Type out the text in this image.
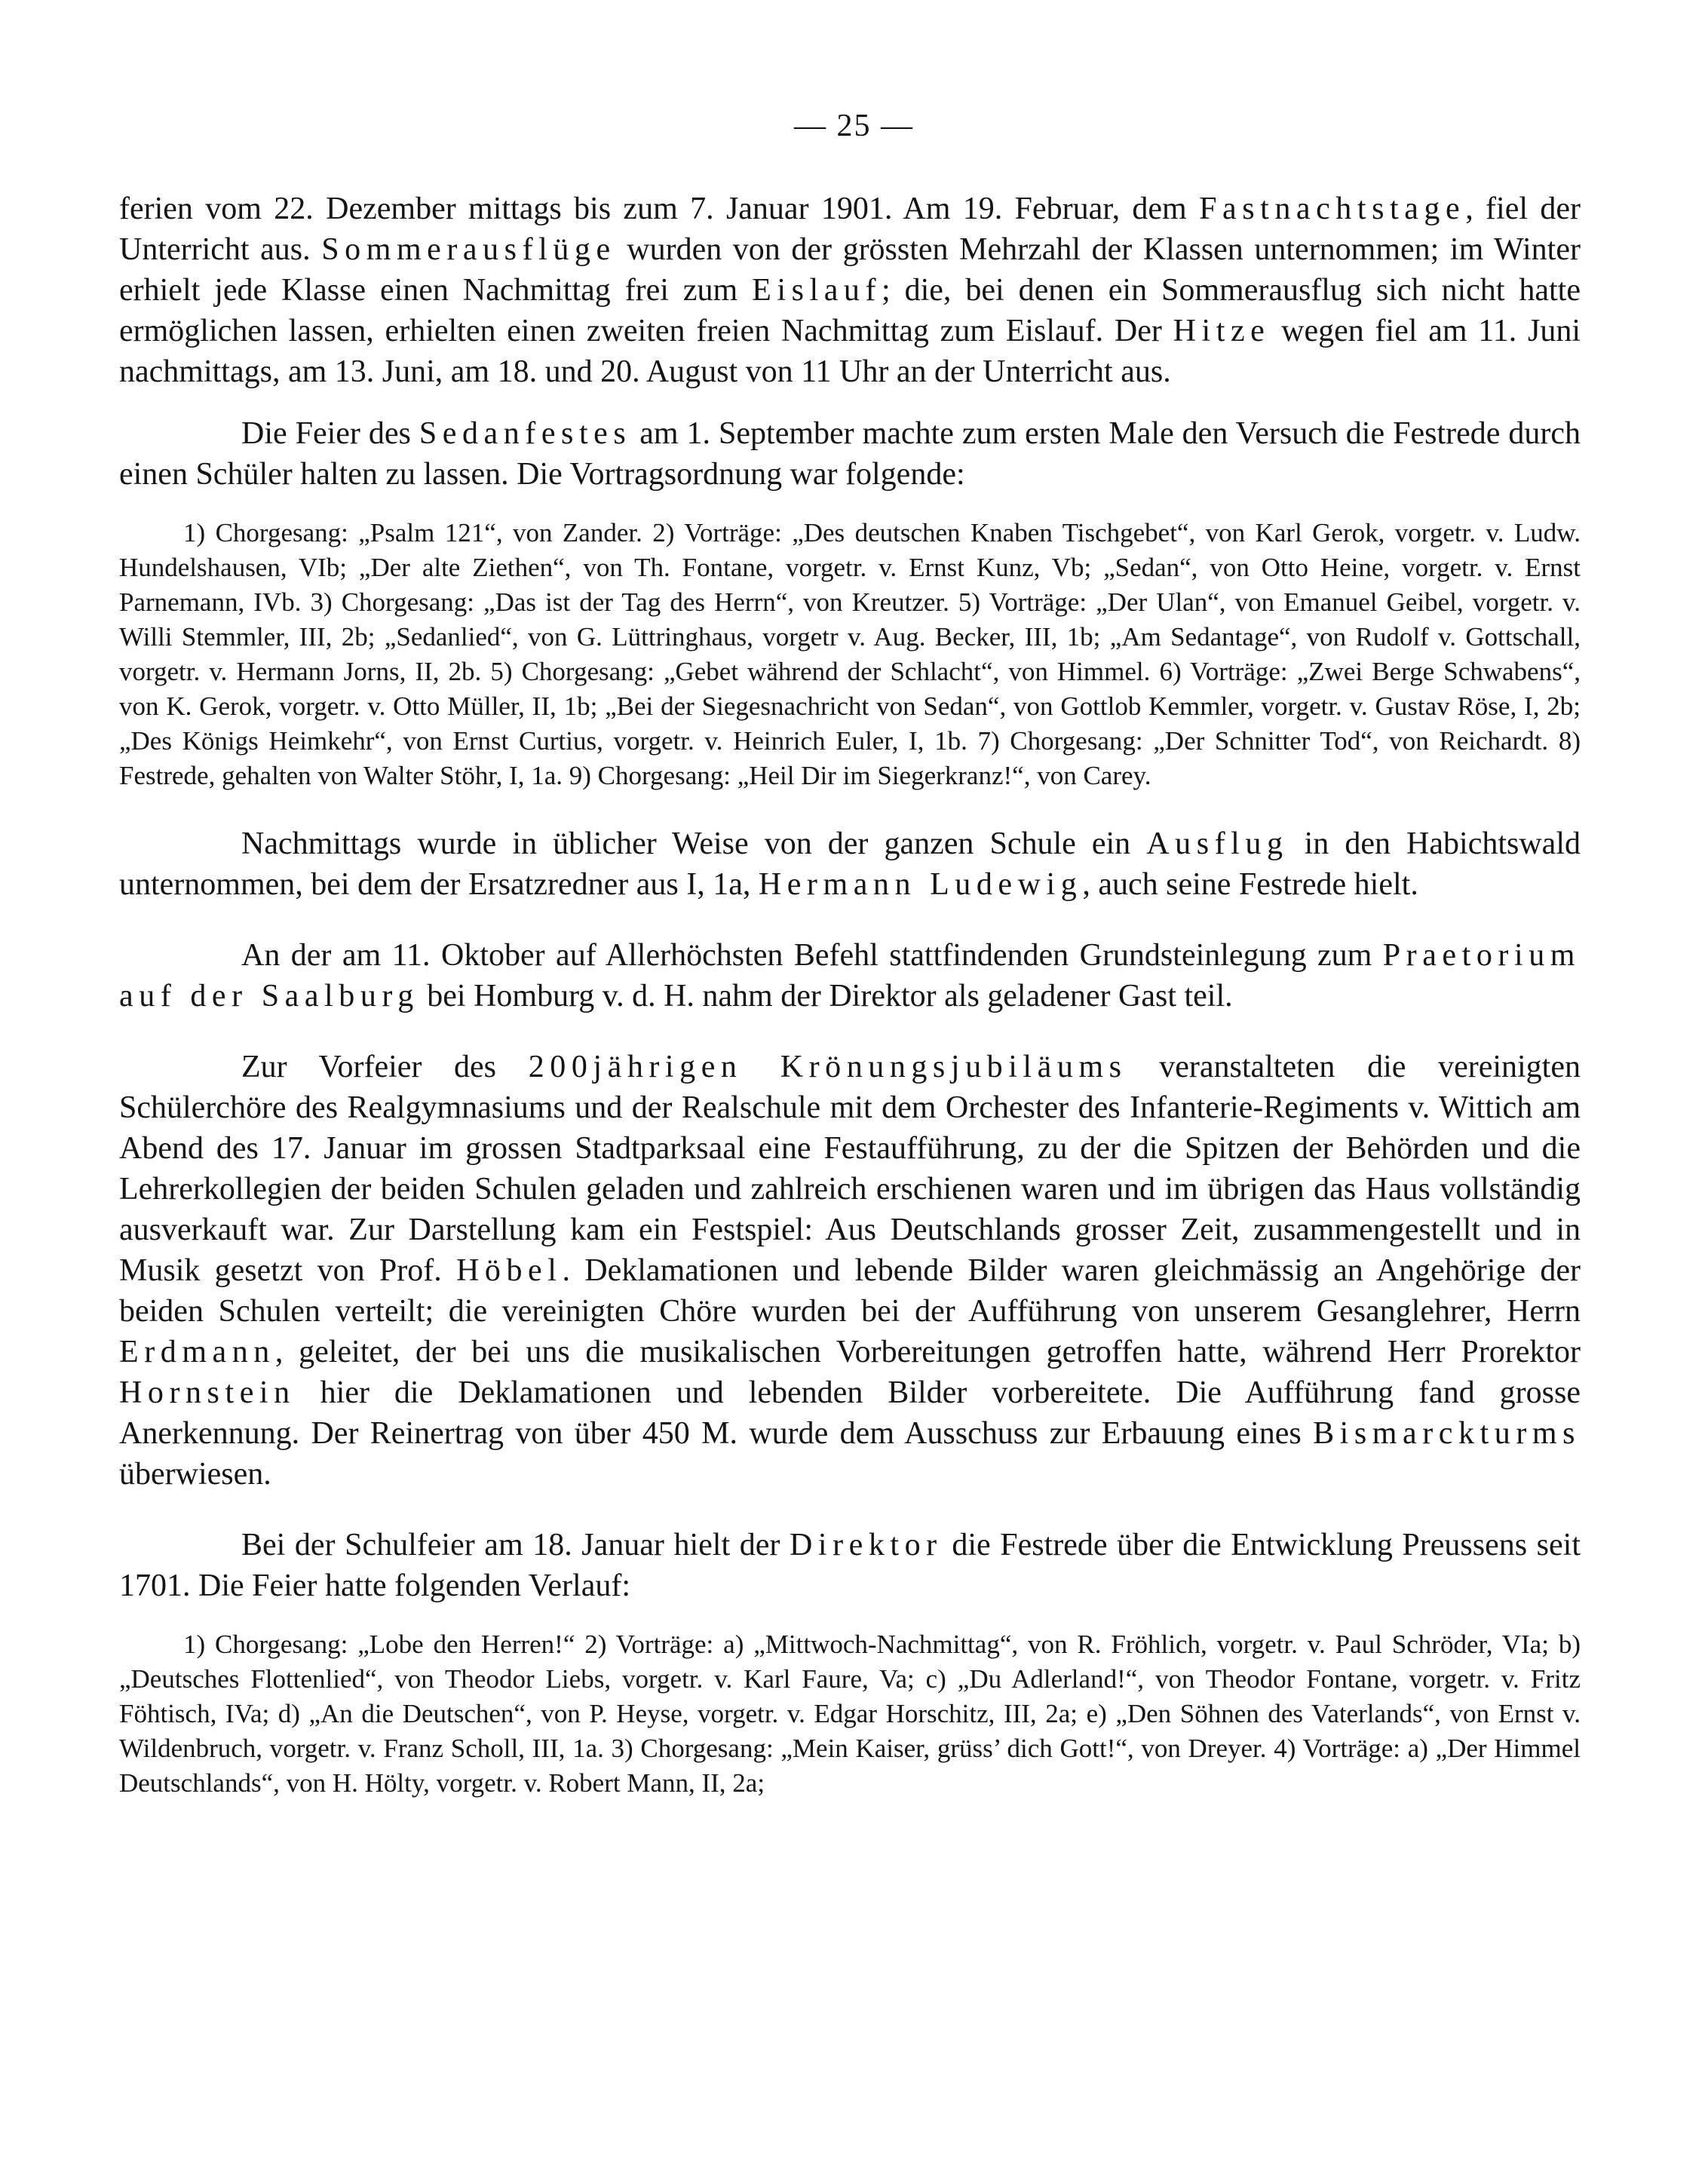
— 25 —

ferien vom 22. Dezember mittags bis zum 7. Januar 1901. Am 19. Februar, dem Fastnachtstage, fiel der Unterricht aus. Sommerausflüge wurden von der grössten Mehrzahl der Klassen unternommen; im Winter erhielt jede Klasse einen Nachmittag frei zum Eislauf; die, bei denen ein Sommerausflug sich nicht hatte ermöglichen lassen, erhielten einen zweiten freien Nachmittag zum Eislauf. Der Hitze wegen fiel am 11. Juni nachmittags, am 13. Juni, am 18. und 20. August von 11 Uhr an der Unterricht aus.

Die Feier des Sedanfestes am 1. September machte zum ersten Male den Versuch die Festrede durch einen Schüler halten zu lassen. Die Vortragsordnung war folgende:

1) Chorgesang: „Psalm 121“, von Zander. 2) Vorträge: „Des deutschen Knaben Tischgebet“, von Karl Gerok, vorgetr. v. Ludw. Hundelshausen, VIb; „Der alte Ziethen“, von Th. Fontane, vorgetr. v. Ernst Kunz, Vb; „Sedan“, von Otto Heine, vorgetr. v. Ernst Parnemann, IVb. 3) Chorgesang: „Das ist der Tag des Herrn“, von Kreutzer. 5) Vorträge: „Der Ulan“, von Emanuel Geibel, vorgetr. v. Willi Stemmler, III, 2b; „Sedanlied“, von G. Lüttringhaus, vorgetr v. Aug. Becker, III, 1b; „Am Sedantage“, von Rudolf v. Gottschall, vorgetr. v. Hermann Jorns, II, 2b. 5) Chorgesang: „Gebet während der Schlacht“, von Himmel. 6) Vorträge: „Zwei Berge Schwabens“, von K. Gerok, vorgetr. v. Otto Müller, II, 1b; „Bei der Siegesnachricht von Sedan“, von Gottlob Kemmler, vorgetr. v. Gustav Röse, I, 2b; „Des Königs Heimkehr“, von Ernst Curtius, vorgetr. v. Heinrich Euler, I, 1b. 7) Chorgesang: „Der Schnitter Tod“, von Reichardt. 8) Festrede, gehalten von Walter Stöhr, I, 1a. 9) Chorgesang: „Heil Dir im Siegerkranz!“, von Carey.

Nachmittags wurde in üblicher Weise von der ganzen Schule ein Ausflug in den Habichtswald unternommen, bei dem der Ersatzredner aus I, 1a, Hermann Ludewig, auch seine Festrede hielt.

An der am 11. Oktober auf Allerhöchsten Befehl stattfindenden Grundsteinlegung zum Praetorium auf der Saalburg bei Homburg v. d. H. nahm der Direktor als geladener Gast teil.

Zur Vorfeier des 200jährigen Krönungsjubiläums veranstalteten die vereinigten Schülerchöre des Realgymnasiums und der Realschule mit dem Orchester des Infanterie-Regiments v. Wittich am Abend des 17. Januar im grossen Stadtparksaal eine Festaufführung, zu der die Spitzen der Behörden und die Lehrerkollegien der beiden Schulen geladen und zahlreich erschienen waren und im übrigen das Haus vollständig ausverkauft war. Zur Darstellung kam ein Festspiel: Aus Deutschlands grosser Zeit, zusammengestellt und in Musik gesetzt von Prof. Höbel. Deklamationen und lebende Bilder waren gleichmässig an Angehörige der beiden Schulen verteilt; die vereinigten Chöre wurden bei der Aufführung von unserem Gesanglehrer, Herrn Erdmann, geleitet, der bei uns die musikalischen Vorbereitungen getroffen hatte, während Herr Prorektor Hornstein hier die Deklamationen und lebenden Bilder vorbereitete. Die Aufführung fand grosse Anerkennung. Der Reinertrag von über 450 M. wurde dem Ausschuss zur Erbauung eines Bismarckturms überwiesen.

Bei der Schulfeier am 18. Januar hielt der Direktor die Festrede über die Entwicklung Preussens seit 1701. Die Feier hatte folgenden Verlauf:

1) Chorgesang: „Lobe den Herren!“ 2) Vorträge: a) „Mittwoch-Nachmittag“, von R. Fröhlich, vorgetr. v. Paul Schröder, VIa; b) „Deutsches Flottenlied“, von Theodor Liebs, vorgetr. v. Karl Faure, Va; c) „Du Adlerland!“, von Theodor Fontane, vorgetr. v. Fritz Föhtisch, IVa; d) „An die Deutschen“, von P. Heyse, vorgetr. v. Edgar Horschitz, III, 2a; e) „Den Söhnen des Vaterlands“, von Ernst v. Wildenbruch, vorgetr. v. Franz Scholl, III, 1a. 3) Chorgesang: „Mein Kaiser, grüss’ dich Gott!“, von Dreyer. 4) Vorträge: a) „Der Himmel Deutschlands“, von H. Hölty, vorgetr. v. Robert Mann, II, 2a;
